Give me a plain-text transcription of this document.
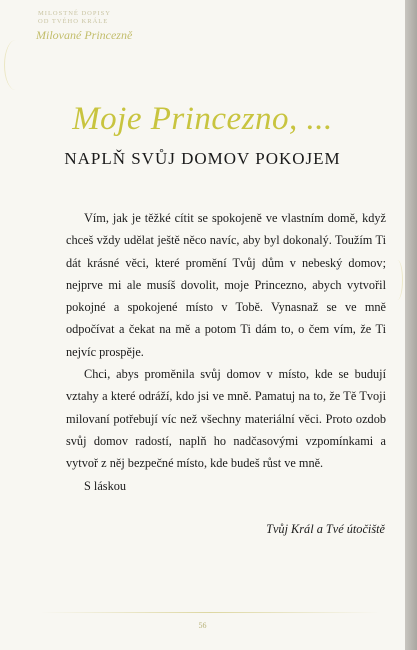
MILOSTNÉ DOPISY
OD TVÉHO KRÁLE
Milované Princezně
Moje Princezno, ...
NAPLŇ SVŮJ DOMOV POKOJEM

Vím, jak je těžké cítit se spokojeně ve vlastním domě, když chceš vždy udělat ještě něco navíc, aby byl dokonalý. Toužím Ti dát krásné věci, které promění Tvůj dům v nebeský domov; nejprve mi ale musíš dovolit, moje Princezno, abych vytvořil pokojné a spokojené místo v Tobě. Vynasnaž se ve mně odpočívat a čekat na mě a potom Ti dám to, o čem vím, že Ti nejvíc prospěje.

Chci, abys proměnila svůj domov v místo, kde se budují vztahy a které odráží, kdo jsi ve mně. Pamatuj na to, že Tě Tvoji milovaní potřebují víc než všechny materiální věci. Proto ozdob svůj domov radostí, naplň ho nadčasovými vzpomínkami a vytvoř z něj bezpečné místo, kde budeš růst ve mně.

S láskou

Tvůj Král a Tvé útočiště
56
